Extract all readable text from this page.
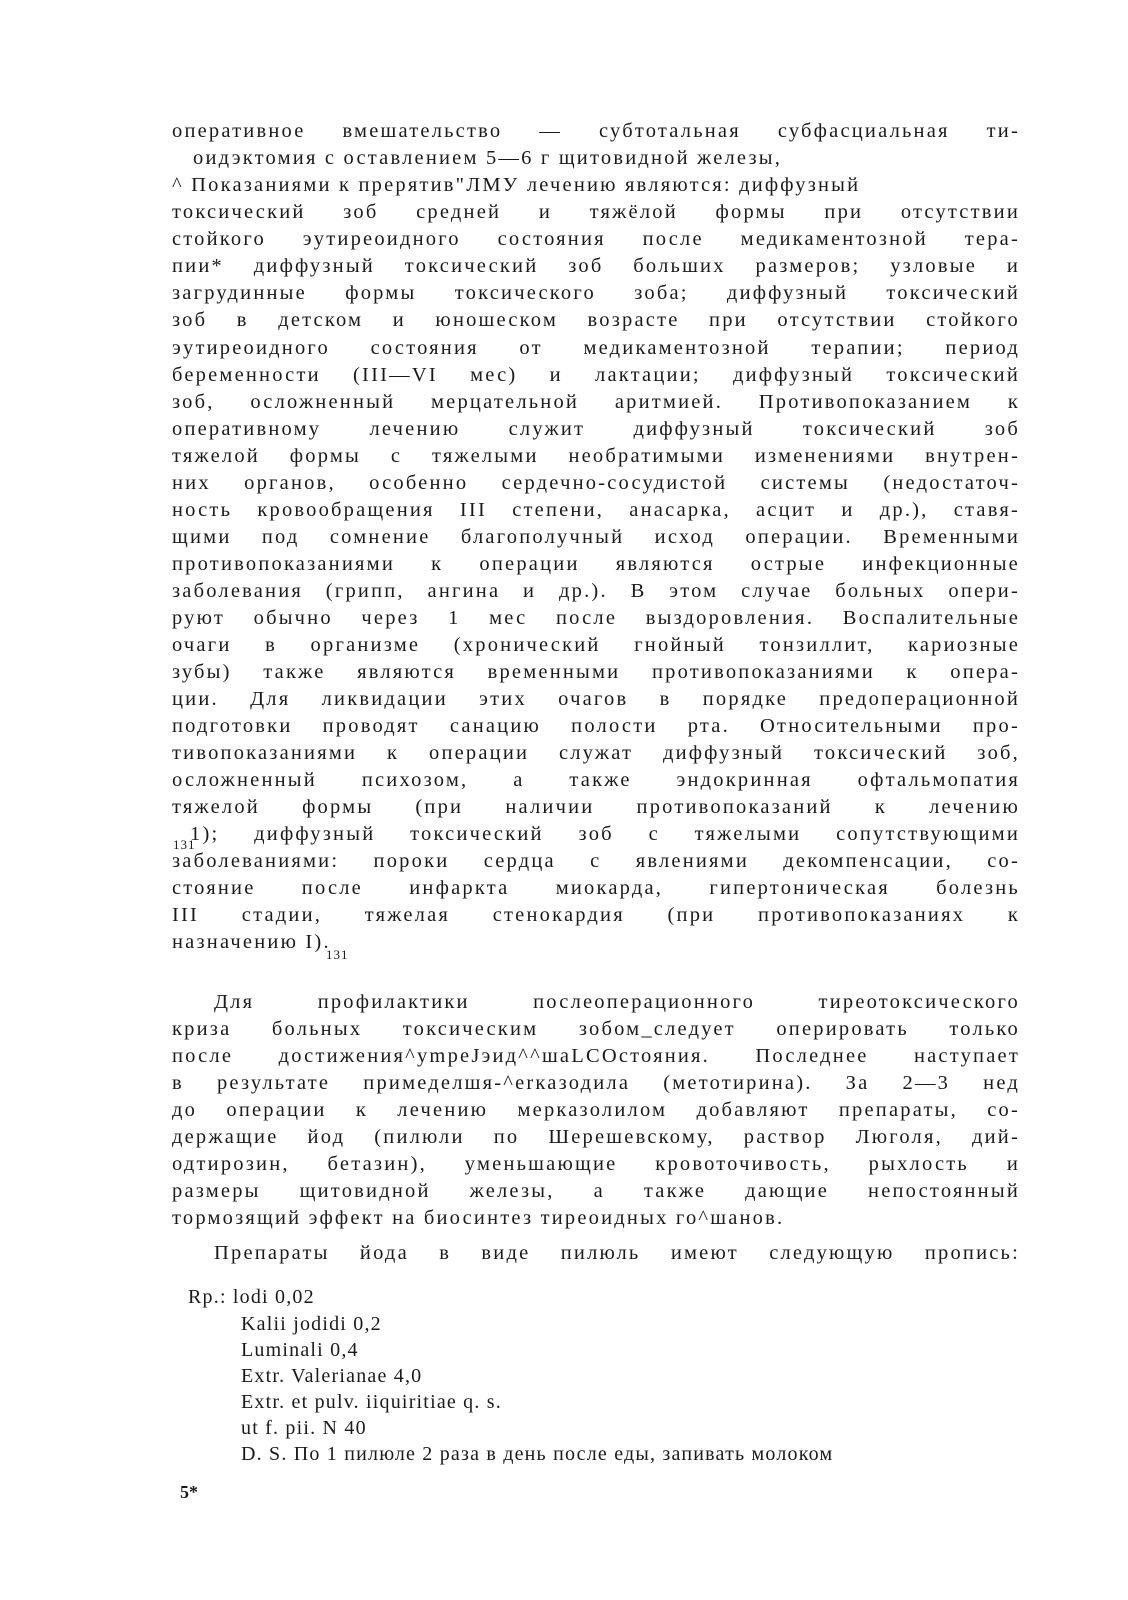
оперативное вмешательство — субтотальная субфасциальная ти-
оидэктомия с оставлением 5—6 г щитовидной железы,
^ Показаниями к прерятив"ЛМУ лечению являются: диффузный
токсический зоб средней и тяжёлой формы при отсутствии
стойкого эутиреоидного состояния после медикаментозной тера-
пии* диффузный токсический зоб больших размеров; узловые и
загрудинные формы токсического зоба; диффузный токсический
зоб в детском и юношеском возрасте при отсутствии стойкого
эутиреоидного состояния от медикаментозной терапии; период
беременности (III—VI мес) и лактации; диффузный токсический
зоб, осложненный мерцательной аритмией. Противопоказанием к
оперативному лечению служит диффузный токсический зоб
тяжелой формы с тяжелыми необратимыми изменениями внутрен-
них органов, особенно сердечно-сосудистой системы (недостаточ-
ность кровообращения III степени, анасарка, асцит и др.), ставя-
щими под сомнение благополучный исход операции. Временными
противопоказаниями к операции являются острые инфекционные
заболевания (грипп, ангина и др.). В этом случае больных опери-
руют обычно через 1 мес после выздоровления. Воспалительные
очаги в организме (хронический гнойный тонзиллит, кариозные
зубы) также являются временными противопоказаниями к опера-
ции. Для ликвидации этих очагов в порядке предоперационной
подготовки проводят санацию полости рта. Относительными про-
тивопоказаниями к операции служат диффузный токсический зоб,
осложненный психозом, а также эндокринная офтальмопатия
тяжелой формы (при наличии противопоказаний к лечению
1); диффузный токсический зоб с тяжелыми сопутствующими
заболеваниями: пороки сердца с явлениями декомпенсации, со-
стояние после инфаркта миокарда, гипертоническая болезнь
III стадии, тяжелая стенокардия (при противопоказаниях к
назначению I).
Для профилактики послеоперационного тиреотоксического
криза больных токсическим зобом_следует оперировать только
после достижения^ympeJэид^^шаLCOстояния. Последнее наступает
в результате примеделшя-^erказодила (метотирина). За 2—3 нед
до операции к лечению мерказолилом добавляют препараты, со-
держащие йод (пилюли по Шерешевскому, раствор Люголя, дий-
одтирозин, бетазин), уменьшающие кровоточивость, рыхлость и
размеры щитовидной железы, а также дающие непостоянный
тормозящий эффект на биосинтез тиреоидных го^шанов.
Препараты йода в виде пилюль имеют следующую пропись:
131
131
Rp.: lodi 0,02
Kalii jodidi 0,2
Luminali 0,4
Extr. Valerianae 4,0
Extr. et pulv. iiquiritiae q. s.
ut f. pii. N 40
D. S. По 1 пилюле 2 раза в день после еды, запивать молоком
5*
